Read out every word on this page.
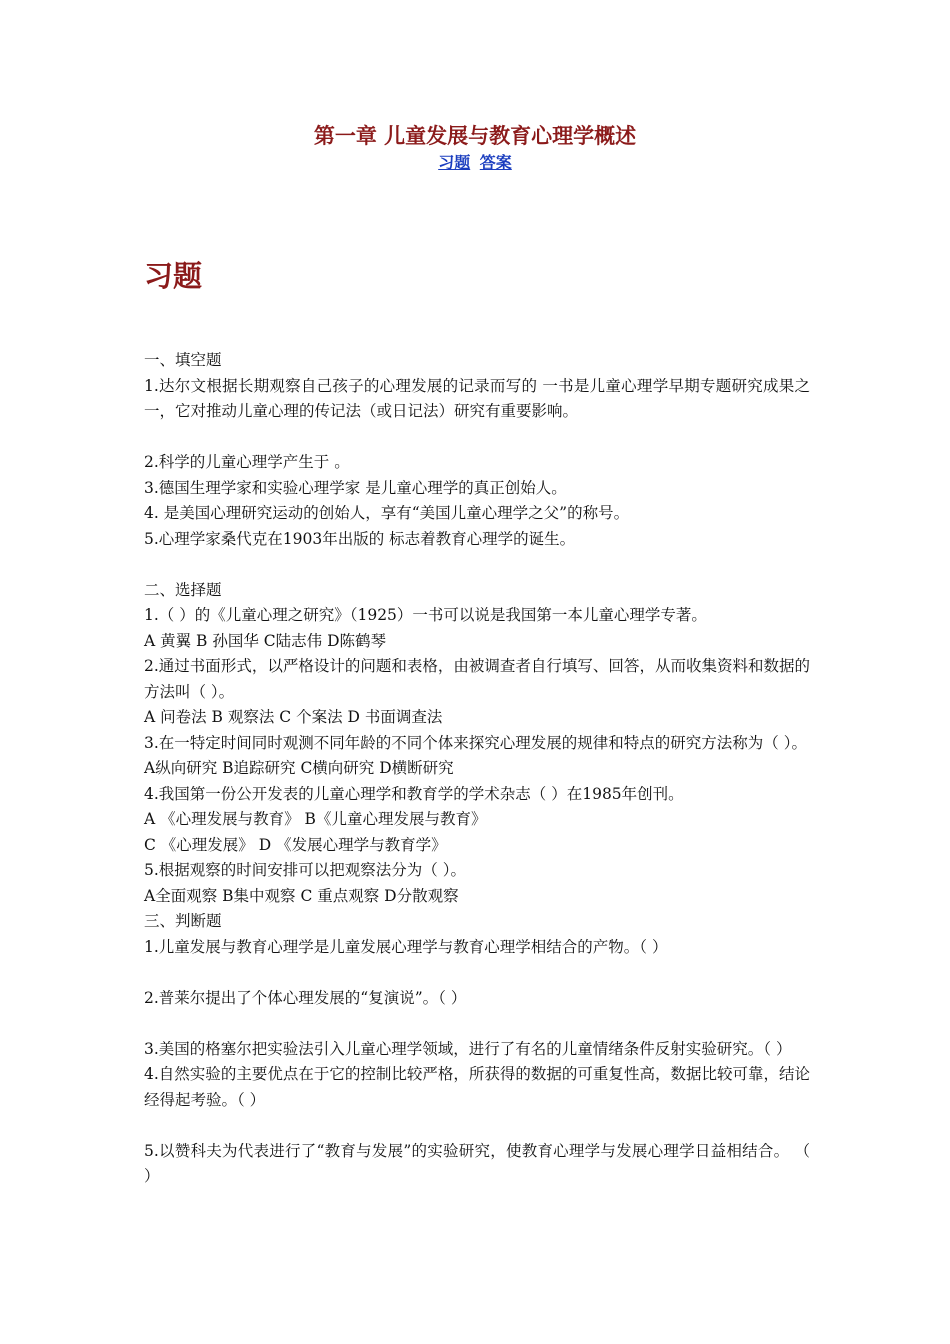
第一章 儿童发展与教育心理学概述
习题 答案
习题
一、填空题
1.达尔文根据长期观察自己孩子的心理发展的记录而写的 一书是儿童心理学早期专题研究成果之一，它对推动儿童心理的传记法（或日记法）研究有重要影响。
2.科学的儿童心理学产生于 。
3.德国生理学家和实验心理学家 是儿童心理学的真正创始人。
4. 是美国心理研究运动的创始人，享有“美国儿童心理学之父”的称号。
5.心理学家桑代克在1903年出版的 标志着教育心理学的诞生。
二、选择题
1.（ ）的《儿童心理之研究》（1925）一书可以说是我国第一本儿童心理学专著。
A 黄翼 B 孙国华 C陆志伟 D陈鹤琴
2.通过书面形式，以严格设计的问题和表格，由被调查者自行填写、回答，从而收集资料和数据的方法叫（ ）。
A 问卷法 B 观察法 C 个案法 D 书面调查法
3.在一特定时间同时观测不同年龄的不同个体来探究心理发展的规律和特点的研究方法称为（ ）。
A纵向研究 B追踪研究 C横向研究 D横断研究
4.我国第一份公开发表的儿童心理学和教育学的学术杂志（ ）在1985年创刊。
A 《心理发展与教育》 B《儿童心理发展与教育》
C 《心理发展》 D 《发展心理学与教育学》
5.根据观察的时间安排可以把观察法分为（ ）。
A全面观察 B集中观察 C 重点观察 D分散观察
三、判断题
1.儿童发展与教育心理学是儿童发展心理学与教育心理学相结合的产物。（ ）
2.普莱尔提出了个体心理发展的“复演说”。（ ）
3.美国的格塞尔把实验法引入儿童心理学领域，进行了有名的儿童情绪条件反射实验研究。（ ）
4.自然实验的主要优点在于它的控制比较严格，所获得的数据的可重复性高，数据比较可靠，结论经得起考验。（ ）
5.以赞科夫为代表进行了“教育与发展”的实验研究，使教育心理学与发展心理学日益相结合。 （ ）
